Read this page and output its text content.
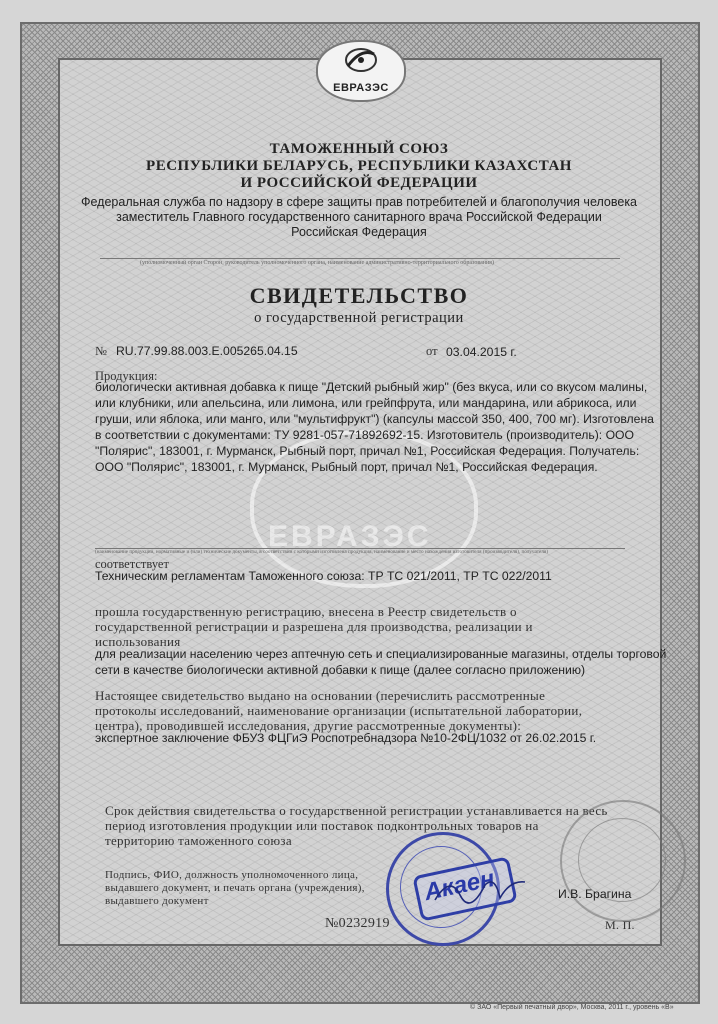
ЕВРАЗЭС
ЕВРАЗЭС
ТАМОЖЕННЫЙ СОЮЗ
РЕСПУБЛИКИ БЕЛАРУСЬ, РЕСПУБЛИКИ КАЗАХСТАН
И РОССИЙСКОЙ ФЕДЕРАЦИИ
Федеральная служба по надзору в сфере защиты прав потребителей и благополучия человека
заместитель Главного государственного санитарного врача Российской Федерации
Российская Федерация
(уполномоченный орган Сторон, руководитель уполномоченного органа, наименование административно-территориального образования)
СВИДЕТЕЛЬСТВО
о государственной регистрации
№ RU.77.99.88.003.Е.005265.04.15	от 03.04.2015 г.
Продукция:
биологически активная добавка к пище "Детский рыбный жир" (без вкуса, или со вкусом малины,
или клубники, или апельсина, или лимона, или грейпфрута, или мандарина, или абрикоса, или
груши, или яблока, или манго, или "мультифрукт") (капсулы массой 350, 400, 700 мг). Изготовлена
в соответствии с документами: ТУ 9281-057-71892692-15. Изготовитель (производитель): ООО
"Полярис", 183001, г. Мурманск, Рыбный порт, причал №1, Российская Федерация. Получатель:
ООО "Полярис", 183001, г. Мурманск, Рыбный порт, причал №1, Российская Федерация.
(наименование продукции, нормативные и (или) технические документы, в соответствии с которыми изготовлена продукция, наименование и место нахождения изготовителя (производителя), получателя)
соответствует
Техническим регламентам Таможенного союза: ТР ТС 021/2011, ТР ТС 022/2011
прошла государственную регистрацию, внесена в Реестр свидетельств о
государственной регистрации и разрешена для производства, реализации и
использования
для реализации населению через аптечную сеть и специализированные магазины, отделы торговой
сети в качестве биологически активной добавки к пище (далее согласно приложению)
Настоящее свидетельство выдано на основании (перечислить рассмотренные
протоколы исследований, наименование организации (испытательной лаборатории,
центра), проводившей исследования, другие рассмотренные документы):
экспертное заключение ФБУЗ ФЦГиЭ Роспотребнадзора №10-2ФЦ/1032 от 26.02.2015 г.
Срок действия свидетельства о государственной регистрации устанавливается на весь
период изготовления продукции или поставок подконтрольных товаров на
территорию таможенного союза
Подпись, ФИО, должность уполномоченного лица,
выдавшего документ, и печать органа (учреждения),
выдавшего документ	И.В. Брагина
Акаен
№0232919	М. П.
© ЗАО «Первый печатный двор», Москва, 2011 г., уровень «В»
